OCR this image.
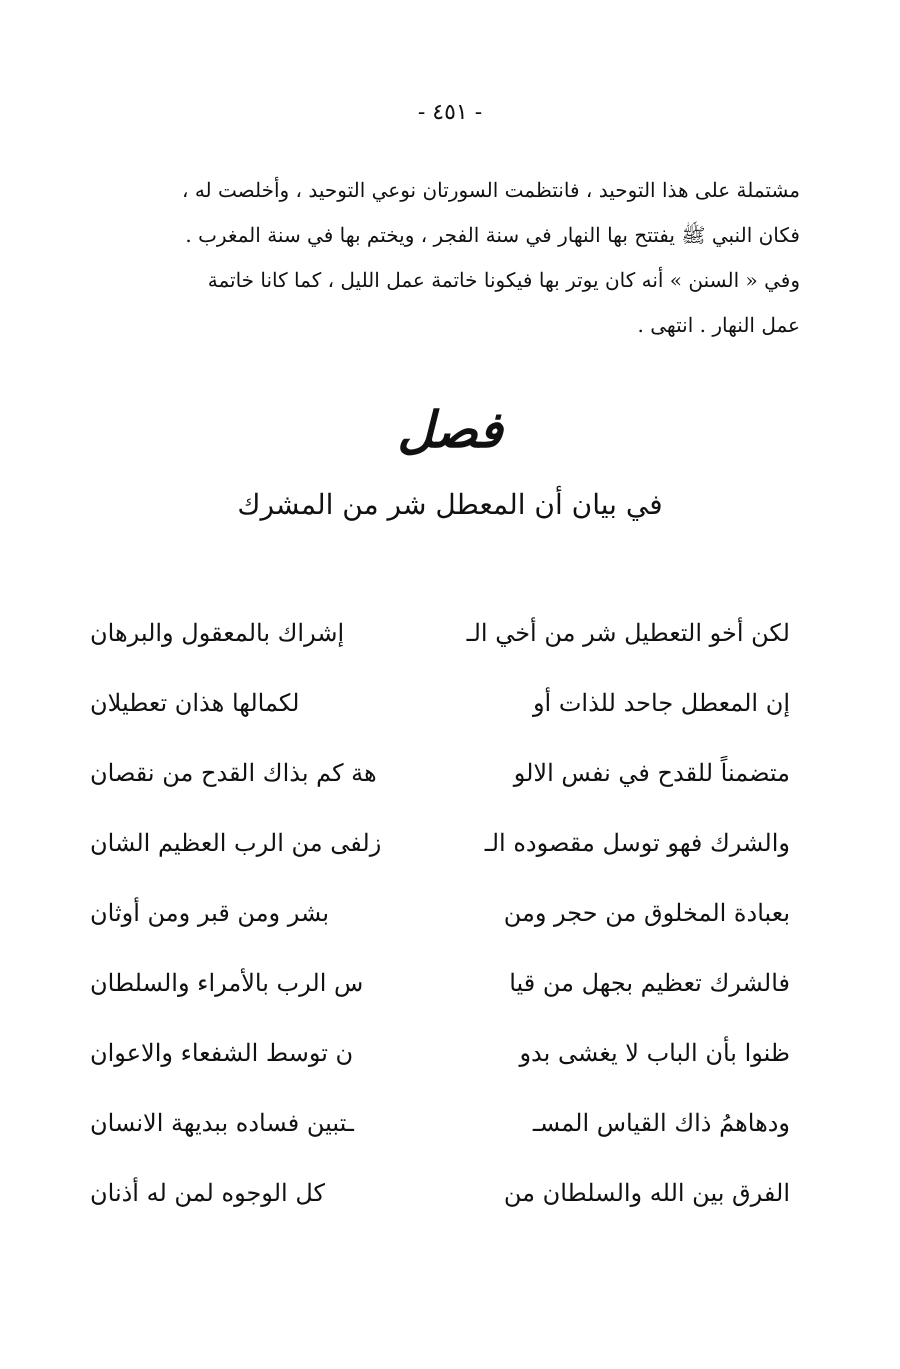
- ٤٥١ -

مشتملة على هذا التوحيد ، فانتظمت السورتان نوعي التوحيد ، وأخلصت له ،

فكان النبي ﷺ يفتتح بها النهار في سنة الفجر ، ويختم بها في سنة المغرب .

وفي « السنن » أنه كان يوتر بها فيكونا خاتمة عمل الليل ، كما كانا خاتمة

عمل النهار . انتهى .

فصل
في بيان أن المعطل شر من المشرك
لكن أخو التعطيل شر من أخي الـ
إشراك بالمعقول والبرهان
إن المعطل جاحد للذات أو
لكمالها هذان تعطيلان
متضمناً للقدح في نفس الالو
هة كم بذاك القدح من نقصان
والشرك فهو توسل مقصوده الـ
زلفى من الرب العظيم الشان
بعبادة المخلوق من حجر ومن
بشر ومن قبر ومن أوثان
فالشرك تعظيم بجهل من قيا
س الرب بالأمراء والسلطان
ظنوا بأن الباب لا يغشى بدو
ن توسط الشفعاء والاعوان
ودهاهمُ ذاك القياس المسـ
ـتبين فساده ببديهة الانسان
الفرق بين الله والسلطان من
كل الوجوه لمن له أذنان
